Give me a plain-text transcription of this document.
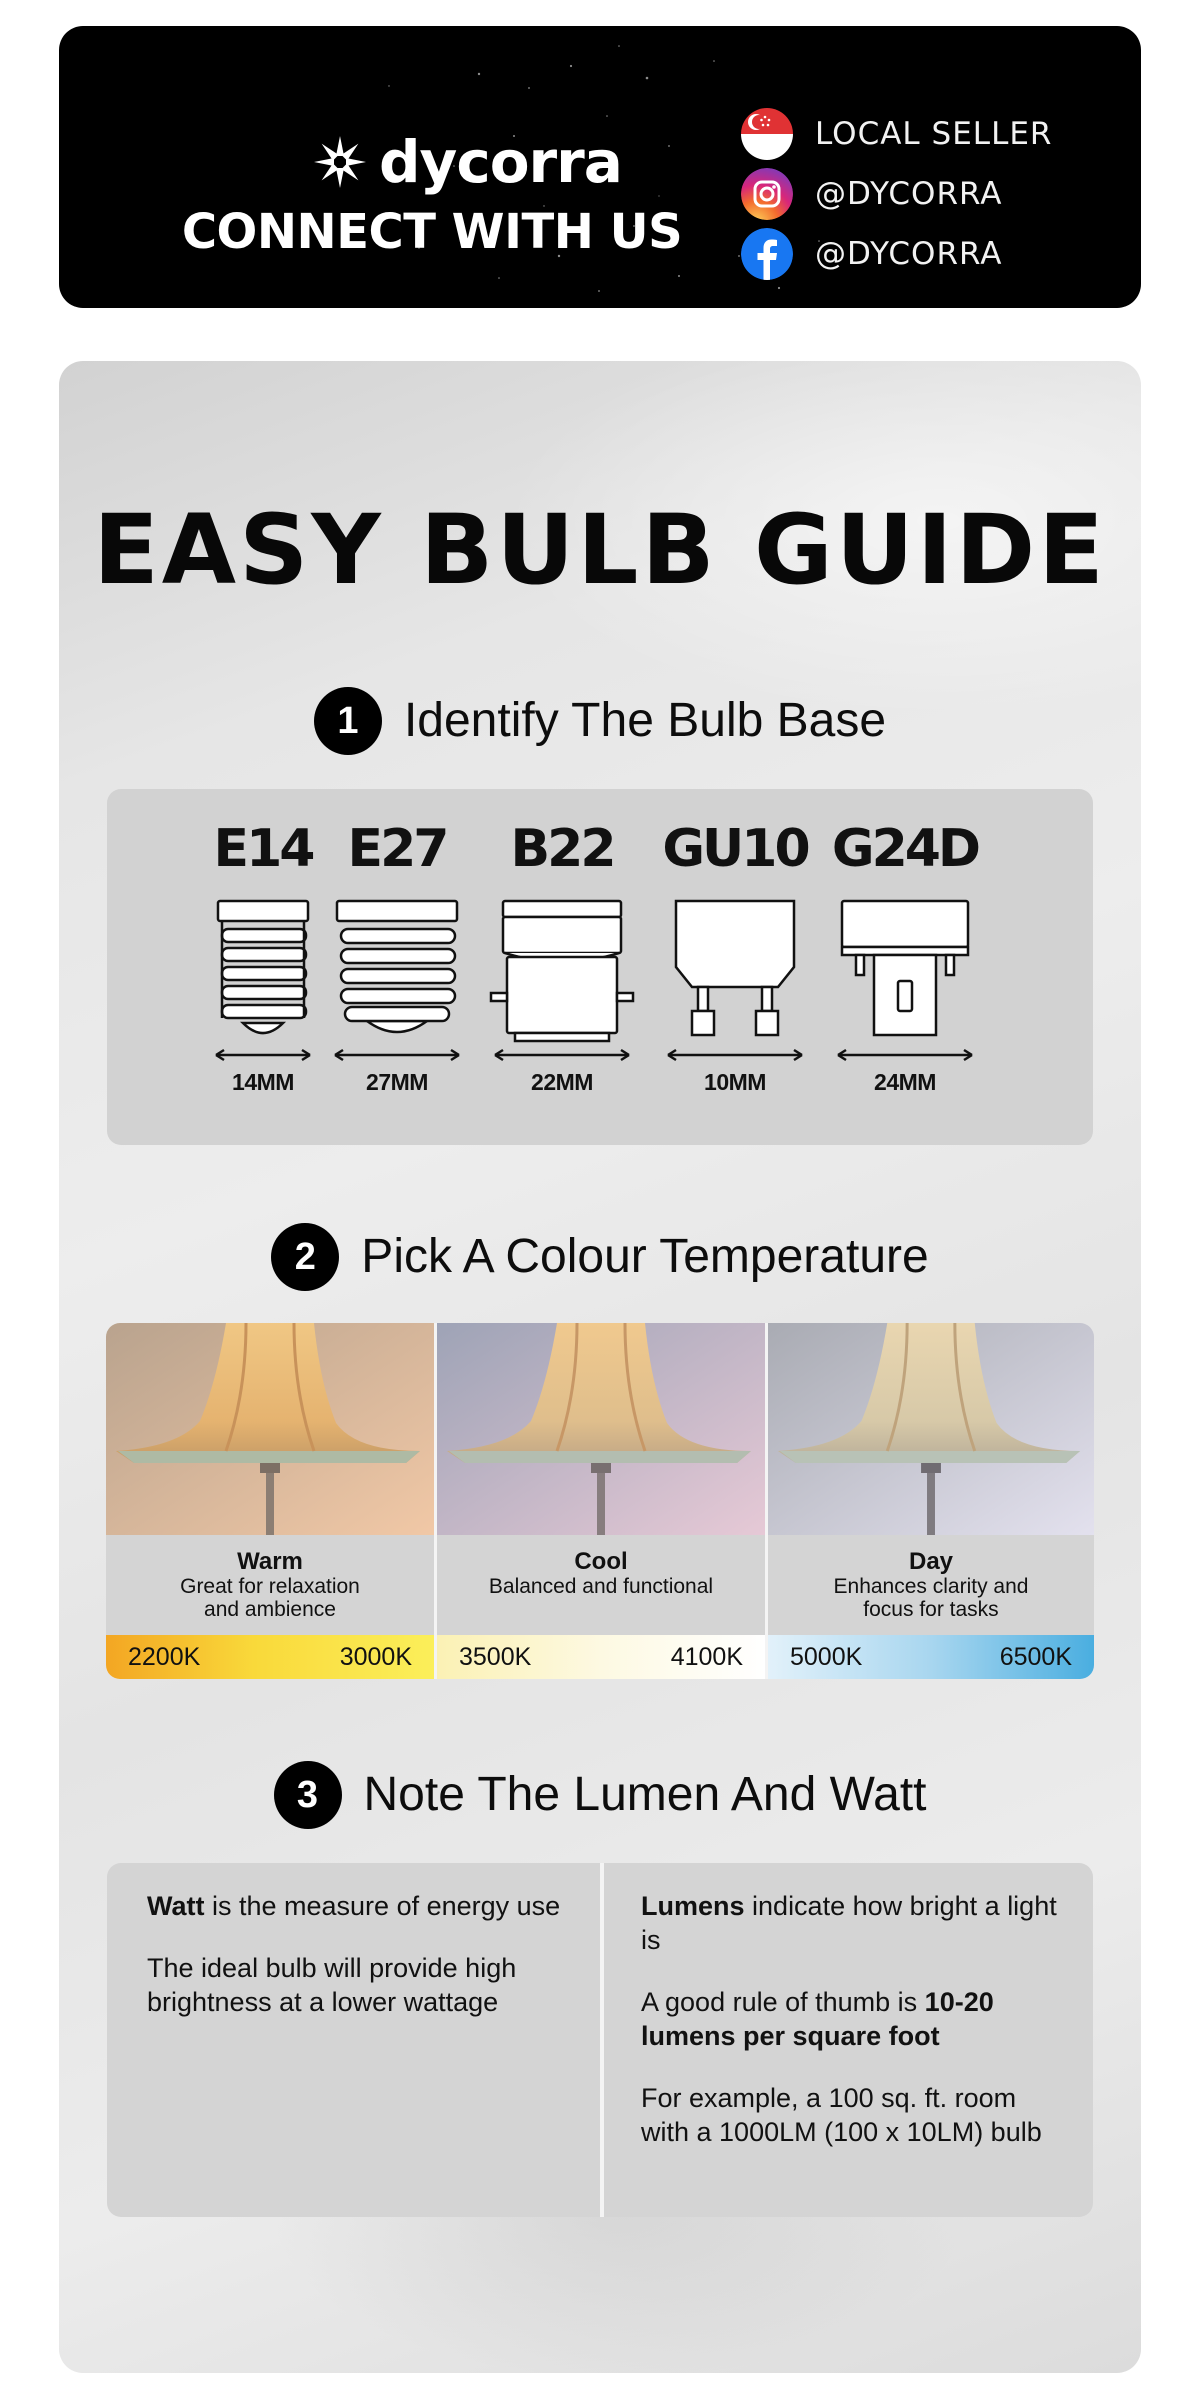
dycorra
CONNECT WITH US
LOCAL SELLER
@DYCORRA
@DYCORRA
EASY BULB GUIDE
1 Identify The Bulb Base
E14
14MM
E27
27MM
B22
22MM
GU10
10MM
G24D
24MM
2 Pick A Colour Temperature
Warm
Great for relaxation
and ambience
2200K	3000K
Cool
Balanced and functional
3500K	4100K
Day
Enhances clarity and
focus for tasks
5000K	6500K
3 Note The Lumen And Watt

Watt is the measure of energy use

The ideal bulb will provide high brightness at a lower wattage

Lumens indicate how bright a light is

A good rule of thumb is 10-20 lumens per square foot

For example, a 100 sq. ft. room with a 1000LM (100 x 10LM) bulb
